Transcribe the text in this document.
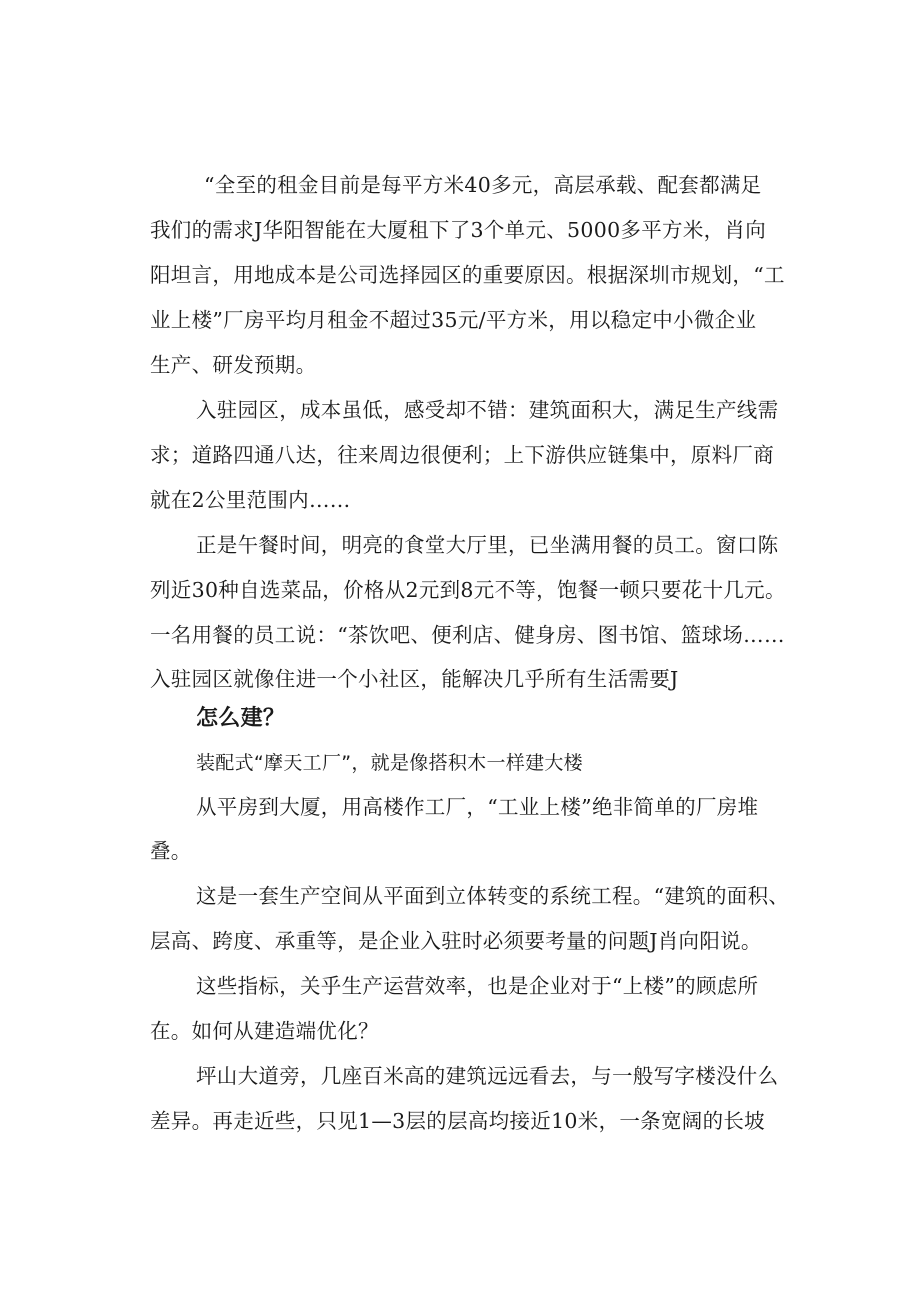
“全至的租金目前是每平方米40多元，高层承载、配套都满足
我们的需求J华阳智能在大厦租下了3个单元、5000多平方米，肖向
阳坦言，用地成本是公司选择园区的重要原因。根据深圳市规划，“工
业上楼”厂房平均月租金不超过35元/平方米，用以稳定中小微企业
生产、研发预期。
入驻园区，成本虽低，感受却不错：建筑面积大，满足生产线需
求；道路四通八达，往来周边很便利；上下游供应链集中，原料厂商
就在2公里范围内……
正是午餐时间，明亮的食堂大厅里，已坐满用餐的员工。窗口陈
列近30种自选菜品，价格从2元到8元不等，饱餐一顿只要花十几元。
一名用餐的员工说：“茶饮吧、便利店、健身房、图书馆、篮球场……
入驻园区就像住进一个小社区，能解决几乎所有生活需要J
怎么建？
装配式“摩天工厂”，就是像搭积木一样建大楼
从平房到大厦，用高楼作工厂，“工业上楼”绝非简单的厂房堆
叠。
这是一套生产空间从平面到立体转变的系统工程。“建筑的面积、
层高、跨度、承重等，是企业入驻时必须要考量的问题J肖向阳说。
这些指标，关乎生产运营效率，也是企业对于“上楼”的顾虑所
在。如何从建造端优化？
坪山大道旁，几座百米高的建筑远远看去，与一般写字楼没什么
差异。再走近些，只见1—3层的层高均接近10米，一条宽阔的长坡
